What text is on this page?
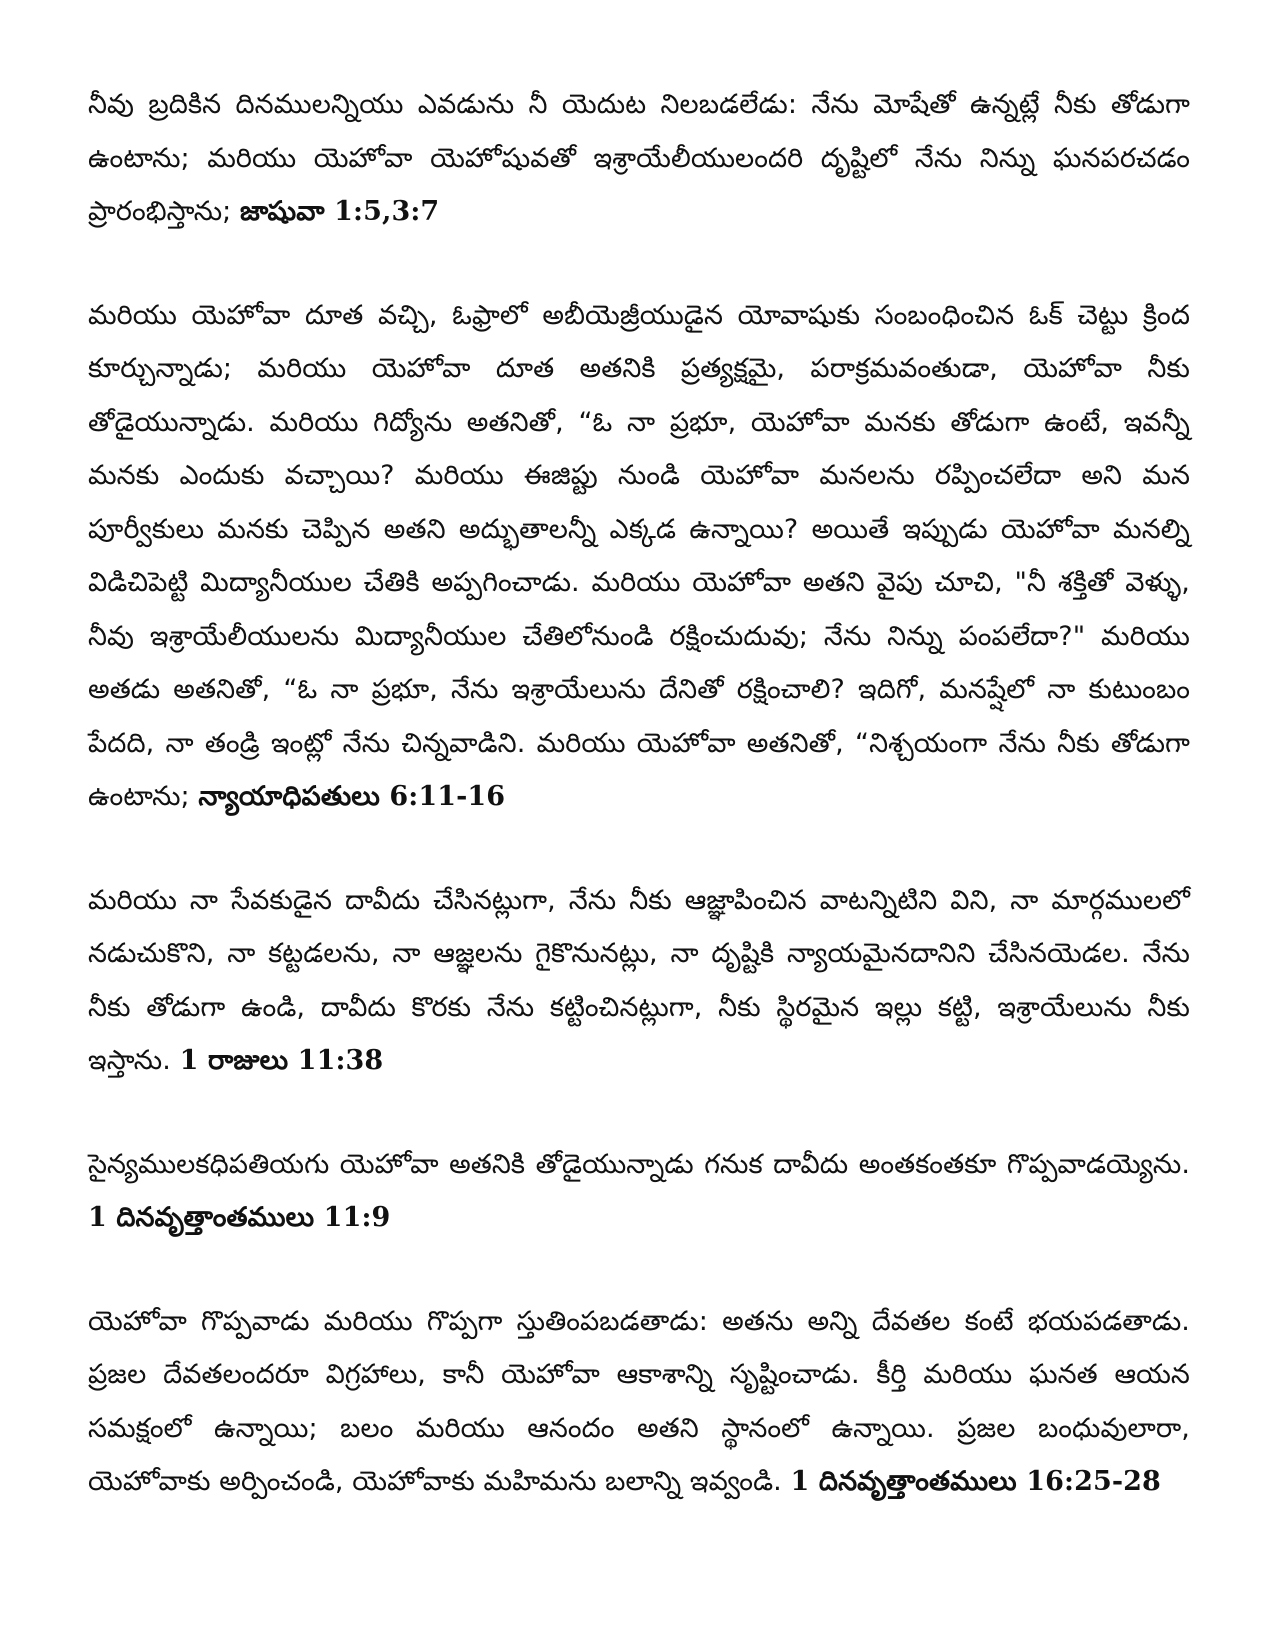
నీవు బ్రదికిన దినములన్నియు ఎవడును నీ యెదుట నిలబడలేడు: నేను మోషేతో ఉన్నట్లే నీకు తోడుగా ఉంటాను; మరియు యెహోవా యెహోషువతో ఇశ్రాయేలీయులందరి దృష్టిలో నేను నిన్ను ఘనపరచడం ప్రారంభిస్తాను; జాషువా 1:5,3:7

మరియు యెహోవా దూత వచ్చి, ఓఫ్రాలో అబీయెజ్రీయుడైన యోవాషుకు సంబంధించిన ఓక్ చెట్టు క్రింద కూర్చున్నాడు; మరియు యెహోవా దూత అతనికి ప్రత్యక్షమై, పరాక్రమవంతుడా, యెహోవా నీకు తోడైయున్నాడు. మరియు గిద్యోను అతనితో, “ఓ నా ప్రభూ, యెహోవా మనకు తోడుగా ఉంటే, ఇవన్నీ మనకు ఎందుకు వచ్చాయి? మరియు ఈజిప్టు నుండి యెహోవా మనలను రప్పించలేదా అని మన పూర్వీకులు మనకు చెప్పిన అతని అద్భుతాలన్నీ ఎక్కడ ఉన్నాయి? అయితే ఇప్పుడు యెహోవా మనల్ని విడిచిపెట్టి మిద్యానీయుల చేతికి అప్పగించాడు. మరియు యెహోవా అతని వైపు చూచి, "నీ శక్తితో వెళ్ళు, నీవు ఇశ్రాయేలీయులను మిద్యానీయుల చేతిలోనుండి రక్షించుదువు; నేను నిన్ను పంపలేదా?" మరియు అతడు అతనితో, “ఓ నా ప్రభూ, నేను ఇశ్రాయేలును దేనితో రక్షించాలి? ఇదిగో, మనష్షేలో నా కుటుంబం పేదది, నా తండ్రి ఇంట్లో నేను చిన్నవాడిని. మరియు యెహోవా అతనితో, “నిశ్చయంగా నేను నీకు తోడుగా ఉంటాను; న్యాయాధిపతులు 6:11-16

మరియు నా సేవకుడైన దావీదు చేసినట్లుగా, నేను నీకు ఆజ్ఞాపించిన వాటన్నిటిని విని, నా మార్గములలో నడుచుకొని, నా కట్టడలను, నా ఆజ్ఞలను గైకొనునట్లు, నా దృష్టికి న్యాయమైనదానిని చేసినయెడల. నేను నీకు తోడుగా ఉండి, దావీదు కొరకు నేను కట్టించినట్లుగా, నీకు స్థిరమైన ఇల్లు కట్టి, ఇశ్రాయేలును నీకు ఇస్తాను. 1 రాజులు 11:38

సైన్యములకధిపతియగు యెహోవా అతనికి తోడైయున్నాడు గనుక దావీదు అంతకంతకూ గొప్పవాడయ్యెను. 1 దినవృత్తాంతములు 11:9

యెహోవా గొప్పవాడు మరియు గొప్పగా స్తుతింపబడతాడు: అతను అన్ని దేవతల కంటే భయపడతాడు. ప్రజల దేవతలందరూ విగ్రహాలు, కానీ యెహోవా ఆకాశాన్ని సృష్టించాడు. కీర్తి మరియు ఘనత ఆయన సమక్షంలో ఉన్నాయి; బలం మరియు ఆనందం అతని స్థానంలో ఉన్నాయి. ప్రజల బంధువులారా, యెహోవాకు అర్పించండి, యెహోవాకు మహిమను బలాన్ని ఇవ్వండి. 1 దినవృత్తాంతములు 16:25-28
